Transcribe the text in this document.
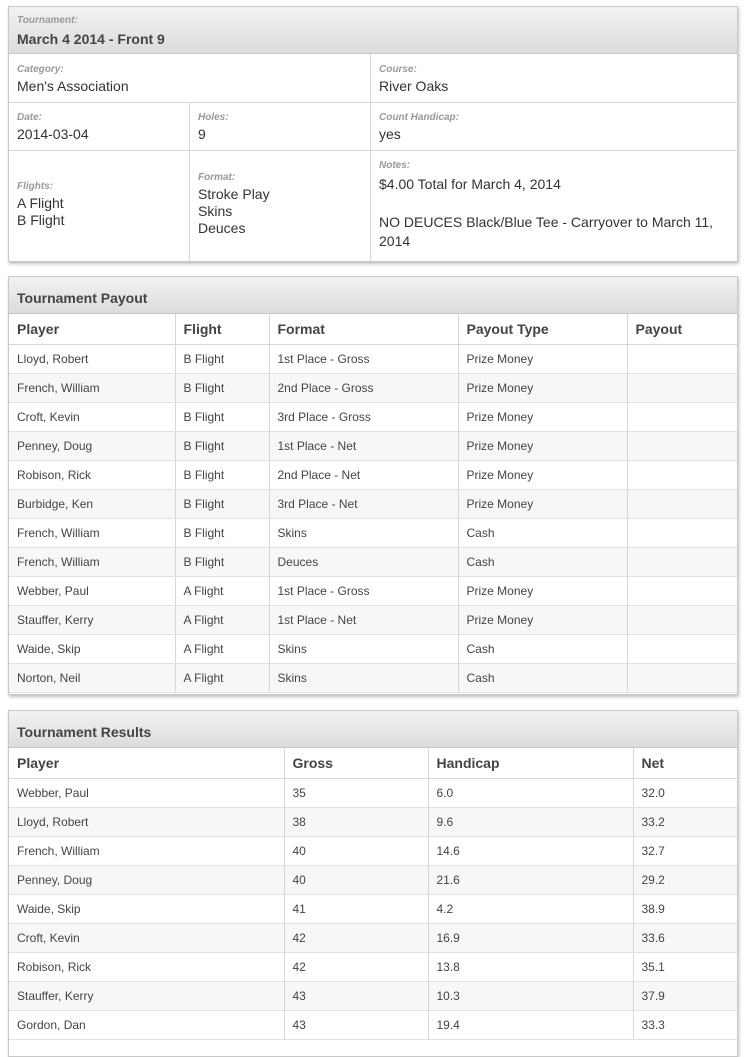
Tournament:
March 4 2014 - Front 9
Category:
Men's Association
Course:
River Oaks
Date:
2014-03-04
Holes:
9
Count Handicap:
yes
Flights:
A Flight
B Flight
Format:
Stroke Play
Skins
Deuces
Notes:
$4.00 Total for March 4, 2014
NO DEUCES Black/Blue Tee - Carryover to March 11, 2014
Tournament Payout
Player	Flight	Format	Payout Type	Payout
Lloyd, Robert	B Flight	1st Place - Gross	Prize Money	
French, William	B Flight	2nd Place - Gross	Prize Money	
Croft, Kevin	B Flight	3rd Place - Gross	Prize Money	
Penney, Doug	B Flight	1st Place - Net	Prize Money	
Robison, Rick	B Flight	2nd Place - Net	Prize Money	
Burbidge, Ken	B Flight	3rd Place - Net	Prize Money	
French, William	B Flight	Skins	Cash	
French, William	B Flight	Deuces	Cash	
Webber, Paul	A Flight	1st Place - Gross	Prize Money	
Stauffer, Kerry	A Flight	1st Place - Net	Prize Money	
Waide, Skip	A Flight	Skins	Cash	
Norton, Neil	A Flight	Skins	Cash	
Tournament Results
Player	Gross	Handicap	Net
Webber, Paul	35	6.0	32.0
Lloyd, Robert	38	9.6	33.2
French, William	40	14.6	32.7
Penney, Doug	40	21.6	29.2
Waide, Skip	41	4.2	38.9
Croft, Kevin	42	16.9	33.6
Robison, Rick	42	13.8	35.1
Stauffer, Kerry	43	10.3	37.9
Gordon, Dan	43	19.4	33.3
